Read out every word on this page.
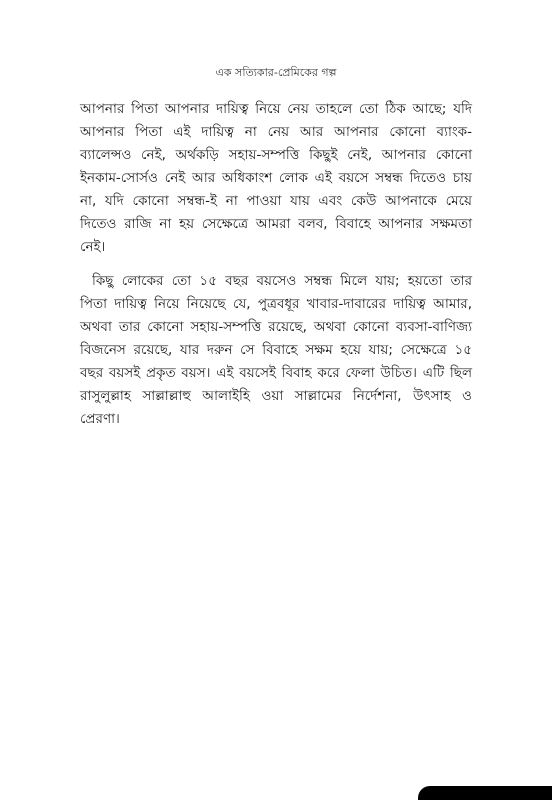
এক সত্যিকার-প্রেমিকের গল্প

আপনার পিতা আপনার দায়িত্ব নিয়ে নেয় তাহলে তো ঠিক আছে; যদি আপনার পিতা এই দায়িত্ব না নেয় আর আপনার কোনো ব্যাংক-ব্যালেন্সও নেই, অর্থকড়ি সহায়-সম্পত্তি কিছুই নেই, আপনার কোনো ইনকাম-সোর্সও নেই আর অধিকাংশ লোক এই বয়সে সম্বন্ধ দিতেও চায় না, যদি কোনো সম্বন্ধ-ই না পাওয়া যায় এবং কেউ আপনাকে মেয়ে দিতেও রাজি না হয় সেক্ষেত্রে আমরা বলব, বিবাহে আপনার সক্ষমতা নেই।

কিছু লোকের তো ১৫ বছর বয়সেও সম্বন্ধ মিলে যায়; হয়তো তার পিতা দায়িত্ব নিয়ে নিয়েছে যে, পুত্রবধূর খাবার-দাবারের দায়িত্ব আমার, অথবা তার কোনো সহায়-সম্পত্তি রয়েছে, অথবা কোনো ব্যবসা-বাণিজ্য বিজনেস রয়েছে, যার দরুন সে বিবাহে সক্ষম হয়ে যায়; সেক্ষেত্রে ১৫ বছর বয়সই প্রকৃত বয়স। এই বয়সেই বিবাহ করে ফেলা উচিত। এটি ছিল রাসুলুল্লাহ সাল্লাল্লাহু আলাইহি ওয়া সাল্লামের নির্দেশনা, উৎসাহ ও প্রেরণা।
